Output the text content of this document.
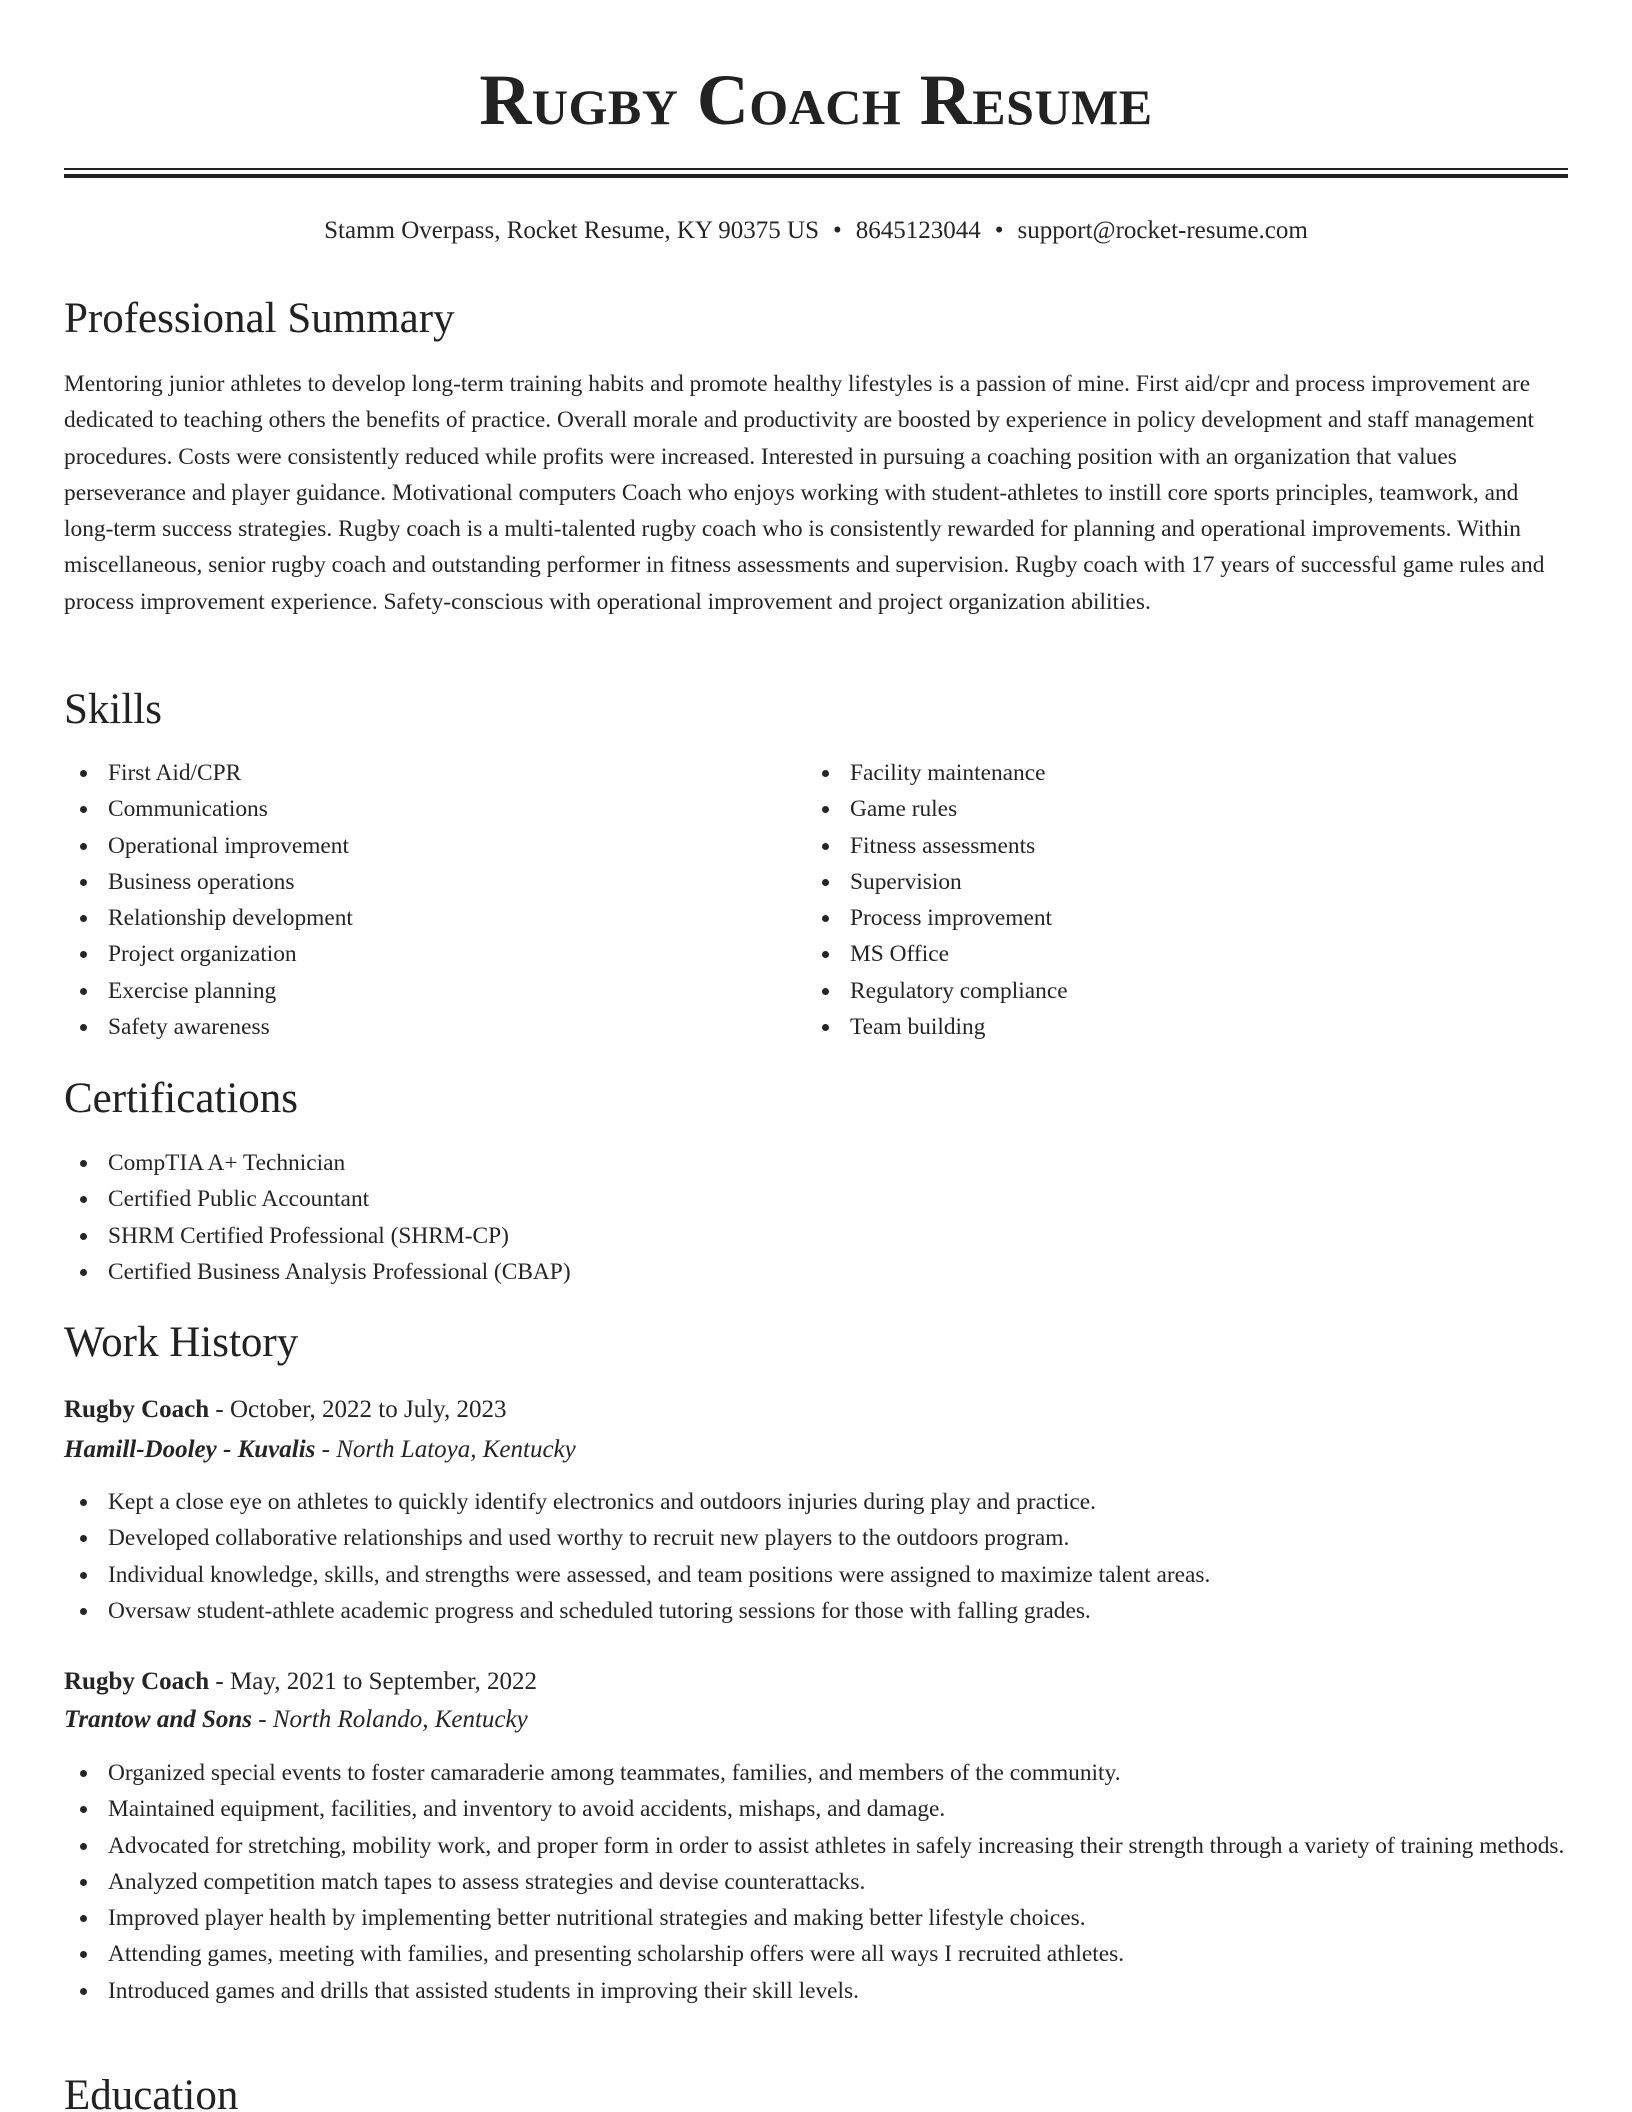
Rugby Coach Resume
Stamm Overpass, Rocket Resume, KY 90375 US • 8645123044 • support@rocket-resume.com
Professional Summary

Mentoring junior athletes to develop long-term training habits and promote healthy lifestyles is a passion of mine. First aid/cpr and process improvement are dedicated to teaching others the benefits of practice. Overall morale and productivity are boosted by experience in policy development and staff management procedures. Costs were consistently reduced while profits were increased. Interested in pursuing a coaching position with an organization that values perseverance and player guidance. Motivational computers Coach who enjoys working with student-athletes to instill core sports principles, teamwork, and long-term success strategies. Rugby coach is a multi-talented rugby coach who is consistently rewarded for planning and operational improvements. Within miscellaneous, senior rugby coach and outstanding performer in fitness assessments and supervision. Rugby coach with 17 years of successful game rules and process improvement experience. Safety-conscious with operational improvement and project organization abilities.

Skills
First Aid/CPR
Communications
Operational improvement
Business operations
Relationship development
Project organization
Exercise planning
Safety awareness
Facility maintenance
Game rules
Fitness assessments
Supervision
Process improvement
MS Office
Regulatory compliance
Team building
Certifications
CompTIA A+ Technician
Certified Public Accountant
SHRM Certified Professional (SHRM-CP)
Certified Business Analysis Professional (CBAP)
Work History
Rugby Coach - October, 2022 to July, 2023
Hamill-Dooley - Kuvalis - North Latoya, Kentucky
Kept a close eye on athletes to quickly identify electronics and outdoors injuries during play and practice.
Developed collaborative relationships and used worthy to recruit new players to the outdoors program.
Individual knowledge, skills, and strengths were assessed, and team positions were assigned to maximize talent areas.
Oversaw student-athlete academic progress and scheduled tutoring sessions for those with falling grades.
Rugby Coach - May, 2021 to September, 2022
Trantow and Sons - North Rolando, Kentucky
Organized special events to foster camaraderie among teammates, families, and members of the community.
Maintained equipment, facilities, and inventory to avoid accidents, mishaps, and damage.
Advocated for stretching, mobility work, and proper form in order to assist athletes in safely increasing their strength through a variety of training methods.
Analyzed competition match tapes to assess strategies and devise counterattacks.
Improved player health by implementing better nutritional strategies and making better lifestyle choices.
Attending games, meeting with families, and presenting scholarship offers were all ways I recruited athletes.
Introduced games and drills that assisted students in improving their skill levels.
Education
